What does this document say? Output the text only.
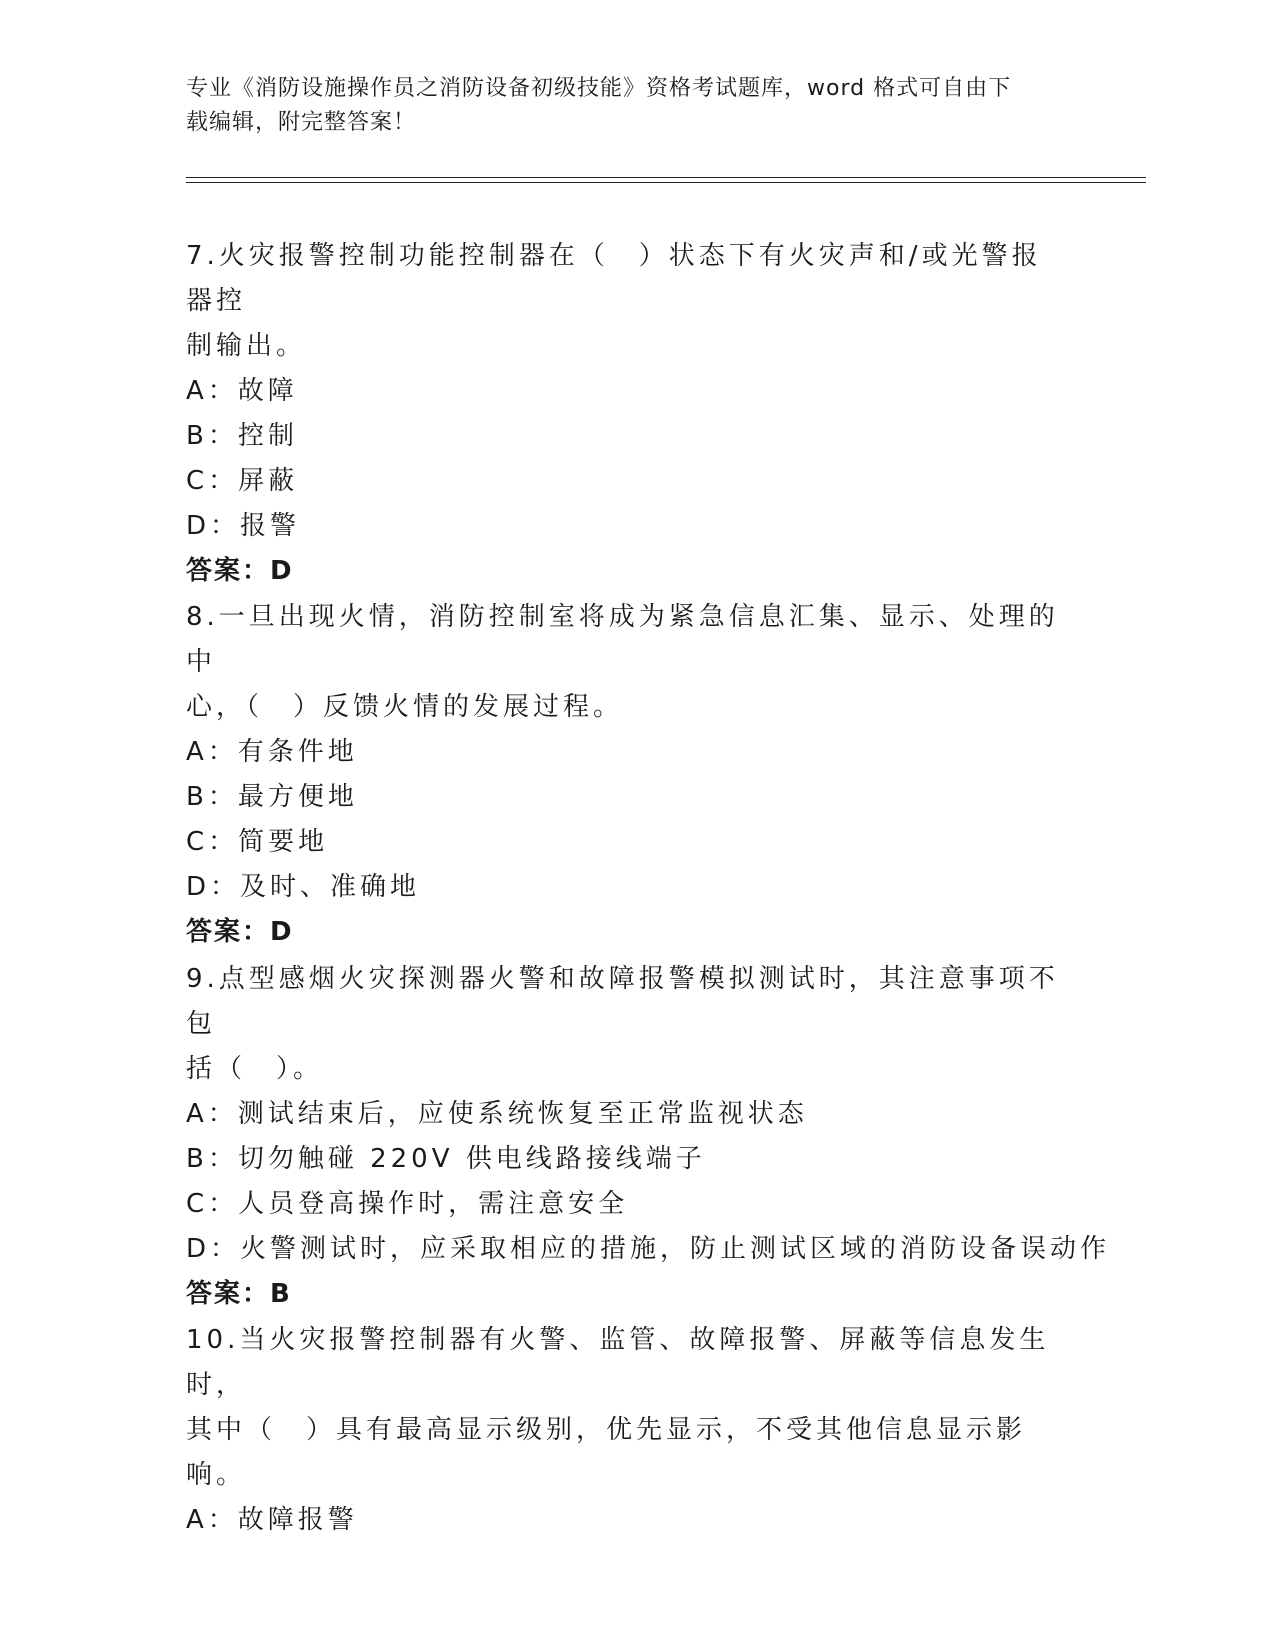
专业《消防设施操作员之消防设备初级技能》资格考试题库，word 格式可自由下
载编辑，附完整答案！

7.火灾报警控制功能控制器在（　）状态下有火灾声和/或光警报器控
制输出。

A：故障

B：控制

C：屏蔽

D：报警

答案：D

8.一旦出现火情，消防控制室将成为紧急信息汇集、显示、处理的中
心，（　）反馈火情的发展过程。

A：有条件地

B：最方便地

C：简要地

D：及时、准确地

答案：D

9.点型感烟火灾探测器火警和故障报警模拟测试时，其注意事项不包
括（　）。

A：测试结束后，应使系统恢复至正常监视状态

B：切勿触碰 220V 供电线路接线端子

C：人员登高操作时，需注意安全

D：火警测试时，应采取相应的措施，防止测试区域的消防设备误动作

答案：B

10.当火灾报警控制器有火警、监管、故障报警、屏蔽等信息发生时，
其中（　）具有最高显示级别，优先显示，不受其他信息显示影响。

A：故障报警
